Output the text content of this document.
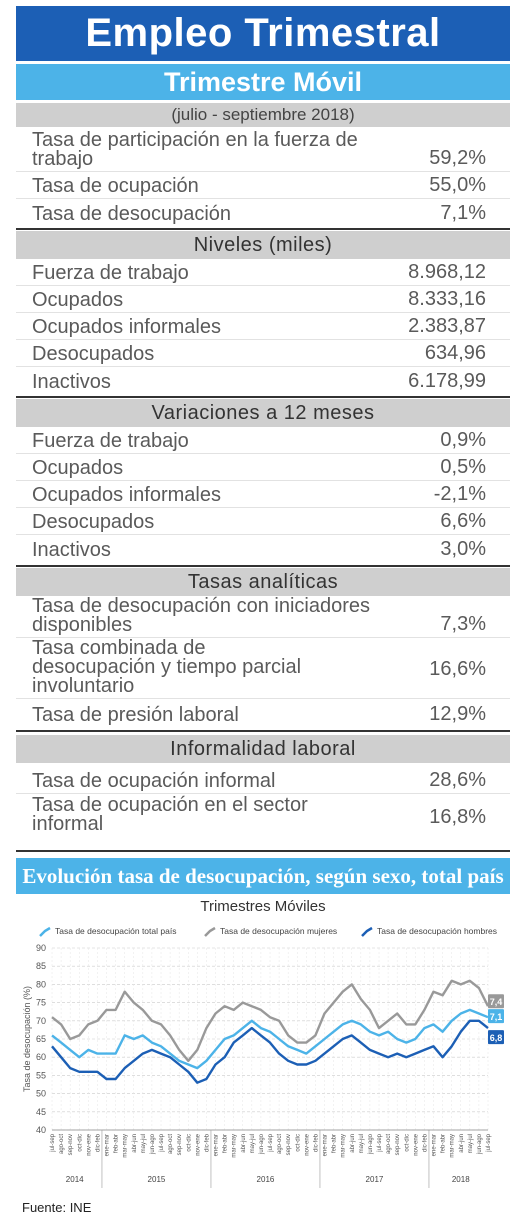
Empleo Trimestral
Trimestre Móvil
(julio - septiembre 2018)
Tasa de participación en la fuerza de trabajo	59,2%
Tasa de ocupación	55,0%
Tasa de desocupación	7,1%
Niveles (miles)
Fuerza de trabajo	8.968,12
Ocupados	8.333,16
Ocupados informales	2.383,87
Desocupados	634,96
Inactivos	6.178,99
Variaciones a 12 meses
Fuerza de trabajo	0,9%
Ocupados	0,5%
Ocupados informales	-2,1%
Desocupados	6,6%
Inactivos	3,0%
Tasas analíticas
Tasa de desocupación con iniciadores disponibles	7,3%
Tasa combinada de desocupación y tiempo parcial involuntario
16,6%
Tasa de presión laboral	12,9%
Informalidad laboral
Tasa de ocupación informal	28,6%
Tasa de ocupación en el sector informal	16,8%
Evolución tasa de desocupación, según sexo, total país
Trimestres Móviles
Tasa de desocupación total país	Tasa de desocupación mujeres	Tasa de desocupación hombres
90
85
80
75
70
65
60
55
50
45
40
Tasa de desocupación (%)
jul-sep ago-oct sep-nov oct-dic nov-ene dic-feb ene-mar feb-abr mar-may abr-jun may-jul jun-ago jul-sep ago-oct sep-nov oct-dic nov-ene dic-feb ene-mar feb-abr mar-may abr-jun may-jul jun-ago jul-sep ago-oct sep-nov oct-dic nov-ene dic-feb ene-mar feb-abr mar-may abr-jun may-jul jun-ago jul-sep ago-oct sep-nov oct-dic nov-ene dic-feb ene-mar feb-abr mar-may abr-jun may-jul jun-ago jul-sep
2014	2015	2016	2017	2018
7,1
7,4
6,8
Fuente: INE
